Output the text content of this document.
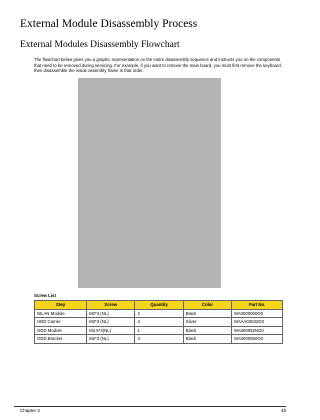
External Module Disassembly Process
External Modules Disassembly Flowchart

The flowchart below gives you a graphic representation on the entire disassembly sequence and instructs you on the components that need to be removed during servicing. For example, if you want to remove the main board, you must first remove the keyboard, then disassemble the inside assembly frame in that order.

Screw List

Step	Screw	Quantity	Color	Part No.
WLAN Module	M2*3 (NL)	2	Black	MA0000060G0
HDD Carrier	M3*3 (NL)	4	Silver	MAAA03032G0
ODD Module	M2.5*3(NL)	1	Black	MA000092NG0
ODD Bracket	M2*3 (NL)	3	Black	MA0000060G0
Chapter 3	45
